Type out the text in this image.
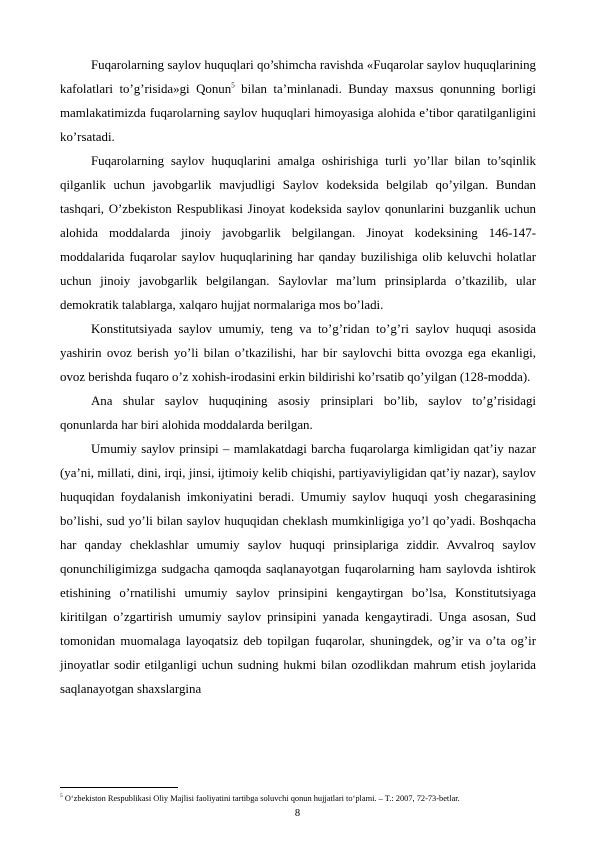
Fuqarolarning saylov huquqlari qo’shimcha ravishda «Fuqarolar saylov huquqlarining kafolatlari to’g’risida»gi Qonun$^5$ bilan ta’minlanadi. Bunday maxsus qonunning borligi mamlakatimizda fuqarolarning saylov huquqlari himoyasiga alohida e’tibor qaratilganligini ko’rsatadi.

Fuqarolarning saylov huquqlarini amalga oshirishiga turli yo’llar bilan to’sqinlik qilganlik uchun javobgarlik mavjudligi Saylov kodeksida belgilab qo’yilgan. Bundan tashqari, O’zbekiston Respublikasi Jinoyat kodeksida saylov qonunlarini buzganlik uchun alohida moddalarda jinoiy javobgarlik belgilangan. Jinoyat kodeksining 146-147-moddalarida fuqarolar saylov huquqlarining har qanday buzilishiga olib keluvchi holatlar uchun jinoiy javobgarlik belgilangan. Saylovlar ma’lum prinsiplarda o’tkazilib, ular demokratik talablarga, xalqaro hujjat normalariga mos bo’ladi.

Konstitutsiyada saylov umumiy, teng va to’g’ridan to’g’ri saylov huquqi asosida yashirin ovoz berish yo’li bilan o’tkazilishi, har bir saylovchi bitta ovozga ega ekanligi, ovoz berishda fuqaro o’z xohish-irodasini erkin bildirishi ko’rsatib qo’yilgan (128-modda).

Ana shular saylov huquqining asosiy prinsiplari bo’lib, saylov to’g’risidagi qonunlarda har biri alohida moddalarda berilgan.

Umumiy saylov prinsipi – mamlakatdagi barcha fuqarolarga kimligidan qat’iy nazar (ya’ni, millati, dini, irqi, jinsi, ijtimoiy kelib chiqishi, partiyaviyligidan qat’iy nazar), saylov huquqidan foydalanish imkoniyatini beradi. Umumiy saylov huquqi yosh chegarasining bo’lishi, sud yo’li bilan saylov huquqidan cheklash mumkinligiga yo’l qo’yadi. Boshqacha har qanday cheklashlar umumiy saylov huquqi prinsiplariga ziddir. Avvalroq saylov qonunchiligimizga sudgacha qamoqda saqlanayotgan fuqarolarning ham saylovda ishtirok etishining o’rnatilishi umumiy saylov prinsipini kengaytirgan bo’lsa, Konstitutsiyaga kiritilgan o’zgartirish umumiy saylov prinsipini yanada kengaytiradi. Unga asosan, Sud tomonidan muomalaga layoqatsiz deb topilgan fuqarolar, shuningdek, og’ir va o’ta og’ir jinoyatlar sodir etilganligi uchun sudning hukmi bilan ozodlikdan mahrum etish joylarida saqlanayotgan shaxslargina

$^5$ O‘zbekiston Respublikasi Oliy Majlisi faoliyatini tartibga soluvchi qonun hujjatlari to‘plami. – T.: 2007, 72-73-betlar.
8
